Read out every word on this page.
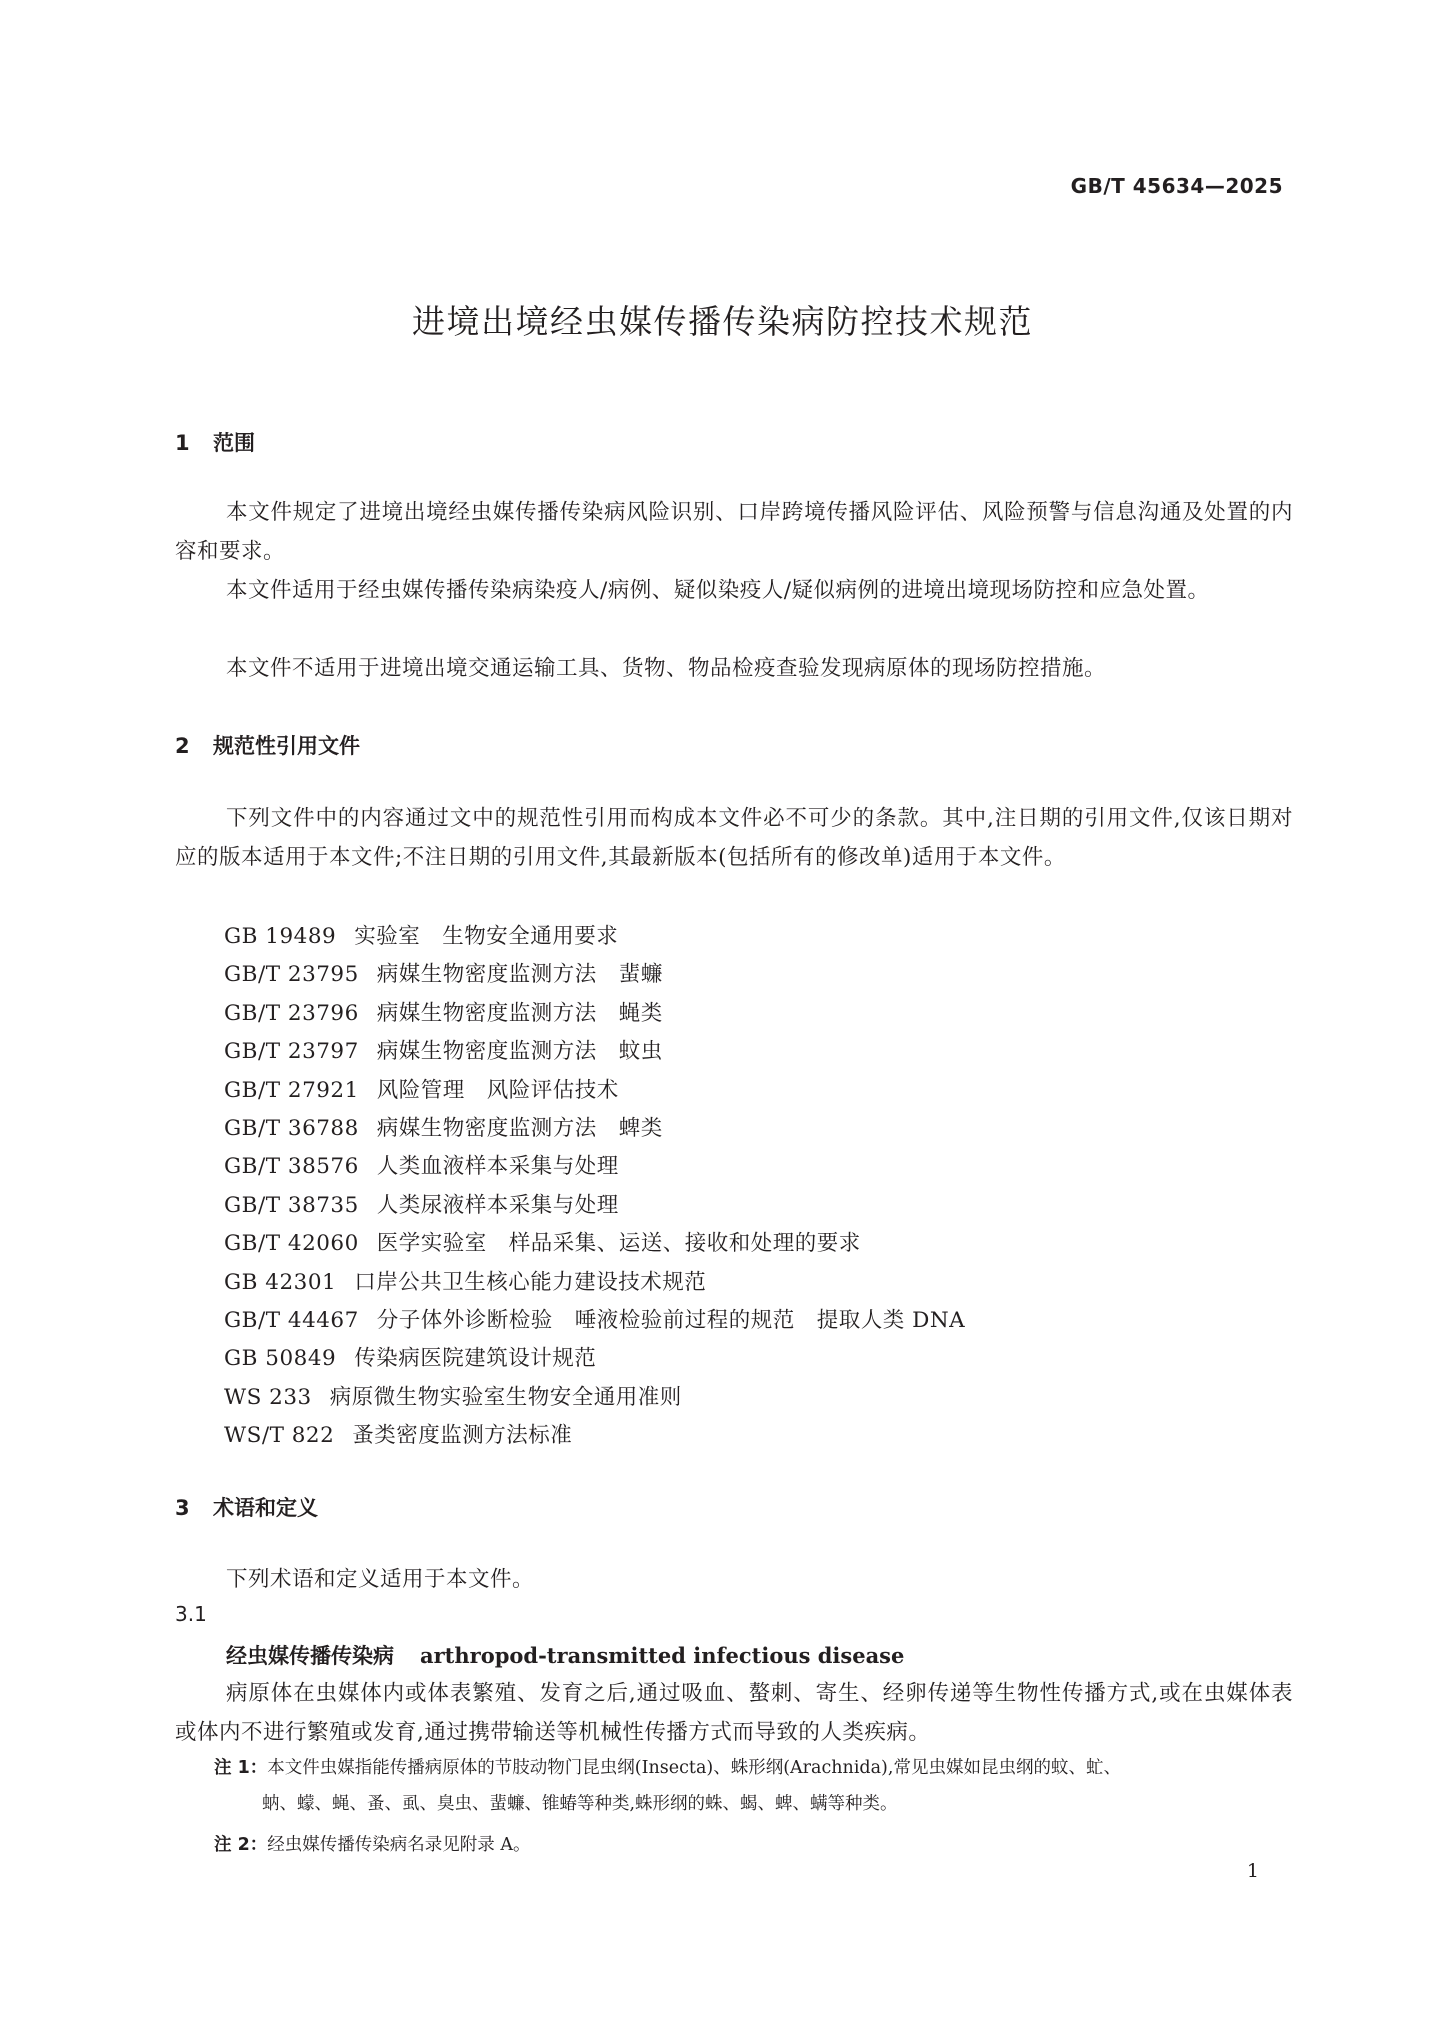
GB/T 45634—2025
进境出境经虫媒传播传染病防控技术规范
1 范围
本文件规定了进境出境经虫媒传播传染病风险识别、口岸跨境传播风险评估、风险预警与信息沟通及处置的内容和要求。
本文件适用于经虫媒传播传染病染疫人/病例、疑似染疫人/疑似病例的进境出境现场防控和应急处置。
本文件不适用于进境出境交通运输工具、货物、物品检疫查验发现病原体的现场防控措施。
2 规范性引用文件
下列文件中的内容通过文中的规范性引用而构成本文件必不可少的条款。其中,注日期的引用文件,仅该日期对应的版本适用于本文件;不注日期的引用文件,其最新版本(包括所有的修改单)适用于本文件。
GB 19489 实验室　生物安全通用要求
GB/T 23795 病媒生物密度监测方法　蜚蠊
GB/T 23796 病媒生物密度监测方法　蝇类
GB/T 23797 病媒生物密度监测方法　蚊虫
GB/T 27921 风险管理　风险评估技术
GB/T 36788 病媒生物密度监测方法　蜱类
GB/T 38576 人类血液样本采集与处理
GB/T 38735 人类尿液样本采集与处理
GB/T 42060 医学实验室　样品采集、运送、接收和处理的要求
GB 42301 口岸公共卫生核心能力建设技术规范
GB/T 44467 分子体外诊断检验　唾液检验前过程的规范　提取人类 DNA
GB 50849 传染病医院建筑设计规范
WS 233 病原微生物实验室生物安全通用准则
WS/T 822 蚤类密度监测方法标准
3 术语和定义
下列术语和定义适用于本文件。
3.1
经虫媒传播传染病 arthropod-transmitted infectious disease
病原体在虫媒体内或体表繁殖、发育之后,通过吸血、螯刺、寄生、经卵传递等生物性传播方式,或在虫媒体表或体内不进行繁殖或发育,通过携带输送等机械性传播方式而导致的人类疾病。
注 1：本文件虫媒指能传播病原体的节肢动物门昆虫纲(Insecta)、蛛形纲(Arachnida),常见虫媒如昆虫纲的蚊、虻、
蚋、蠓、蝇、蚤、虱、臭虫、蜚蠊、锥蝽等种类,蛛形纲的蛛、蝎、蜱、螨等种类。
注 2：经虫媒传播传染病名录见附录 A。
1
